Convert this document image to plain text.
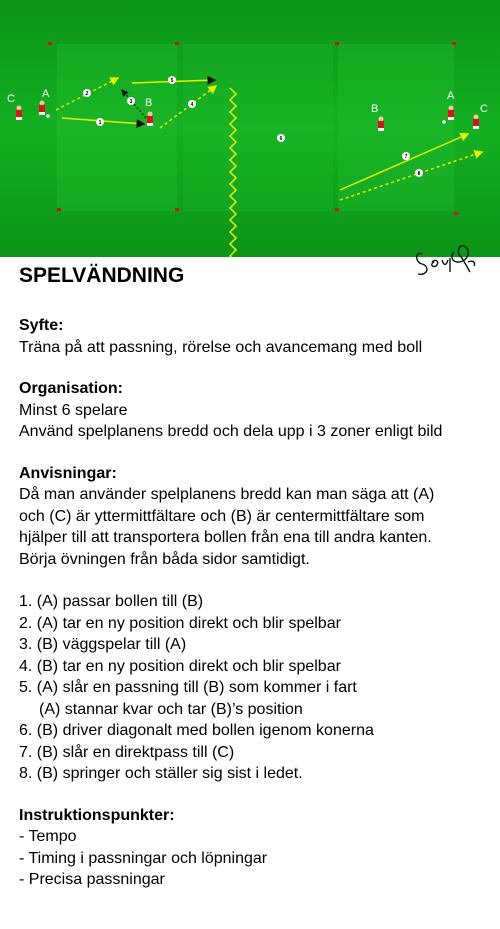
1
2
3	4
5
6
7
8
C A
B	B
A
C
SPELVÄNDNING
Syfte:
Träna på att passning, rörelse och avancemang med boll
Organisation:
Minst 6 spelare
Använd spelplanens bredd och dela upp i 3 zoner enligt bild
Anvisningar:
Då man använder spelplanens bredd kan man säga att (A)
och (C) är yttermittfältare och (B) är centermittfältare som
hjälper till att transportera bollen från ena till andra kanten.
Börja övningen från båda sidor samtidigt.
1. (A) passar bollen till (B)
2. (A) tar en ny position direkt och blir spelbar
3. (B) väggspelar till (A)
4. (B) tar en ny position direkt och blir spelbar
5. (A) slår en passning till (B) som kommer i fart
(A) stannar kvar och tar (B)’s position
6. (B) driver diagonalt med bollen igenom konerna
7. (B) slår en direktpass till (C)
8. (B) springer och ställer sig sist i ledet.
Instruktionspunkter:
- Tempo
- Timing i passningar och löpningar
- Precisa passningar
